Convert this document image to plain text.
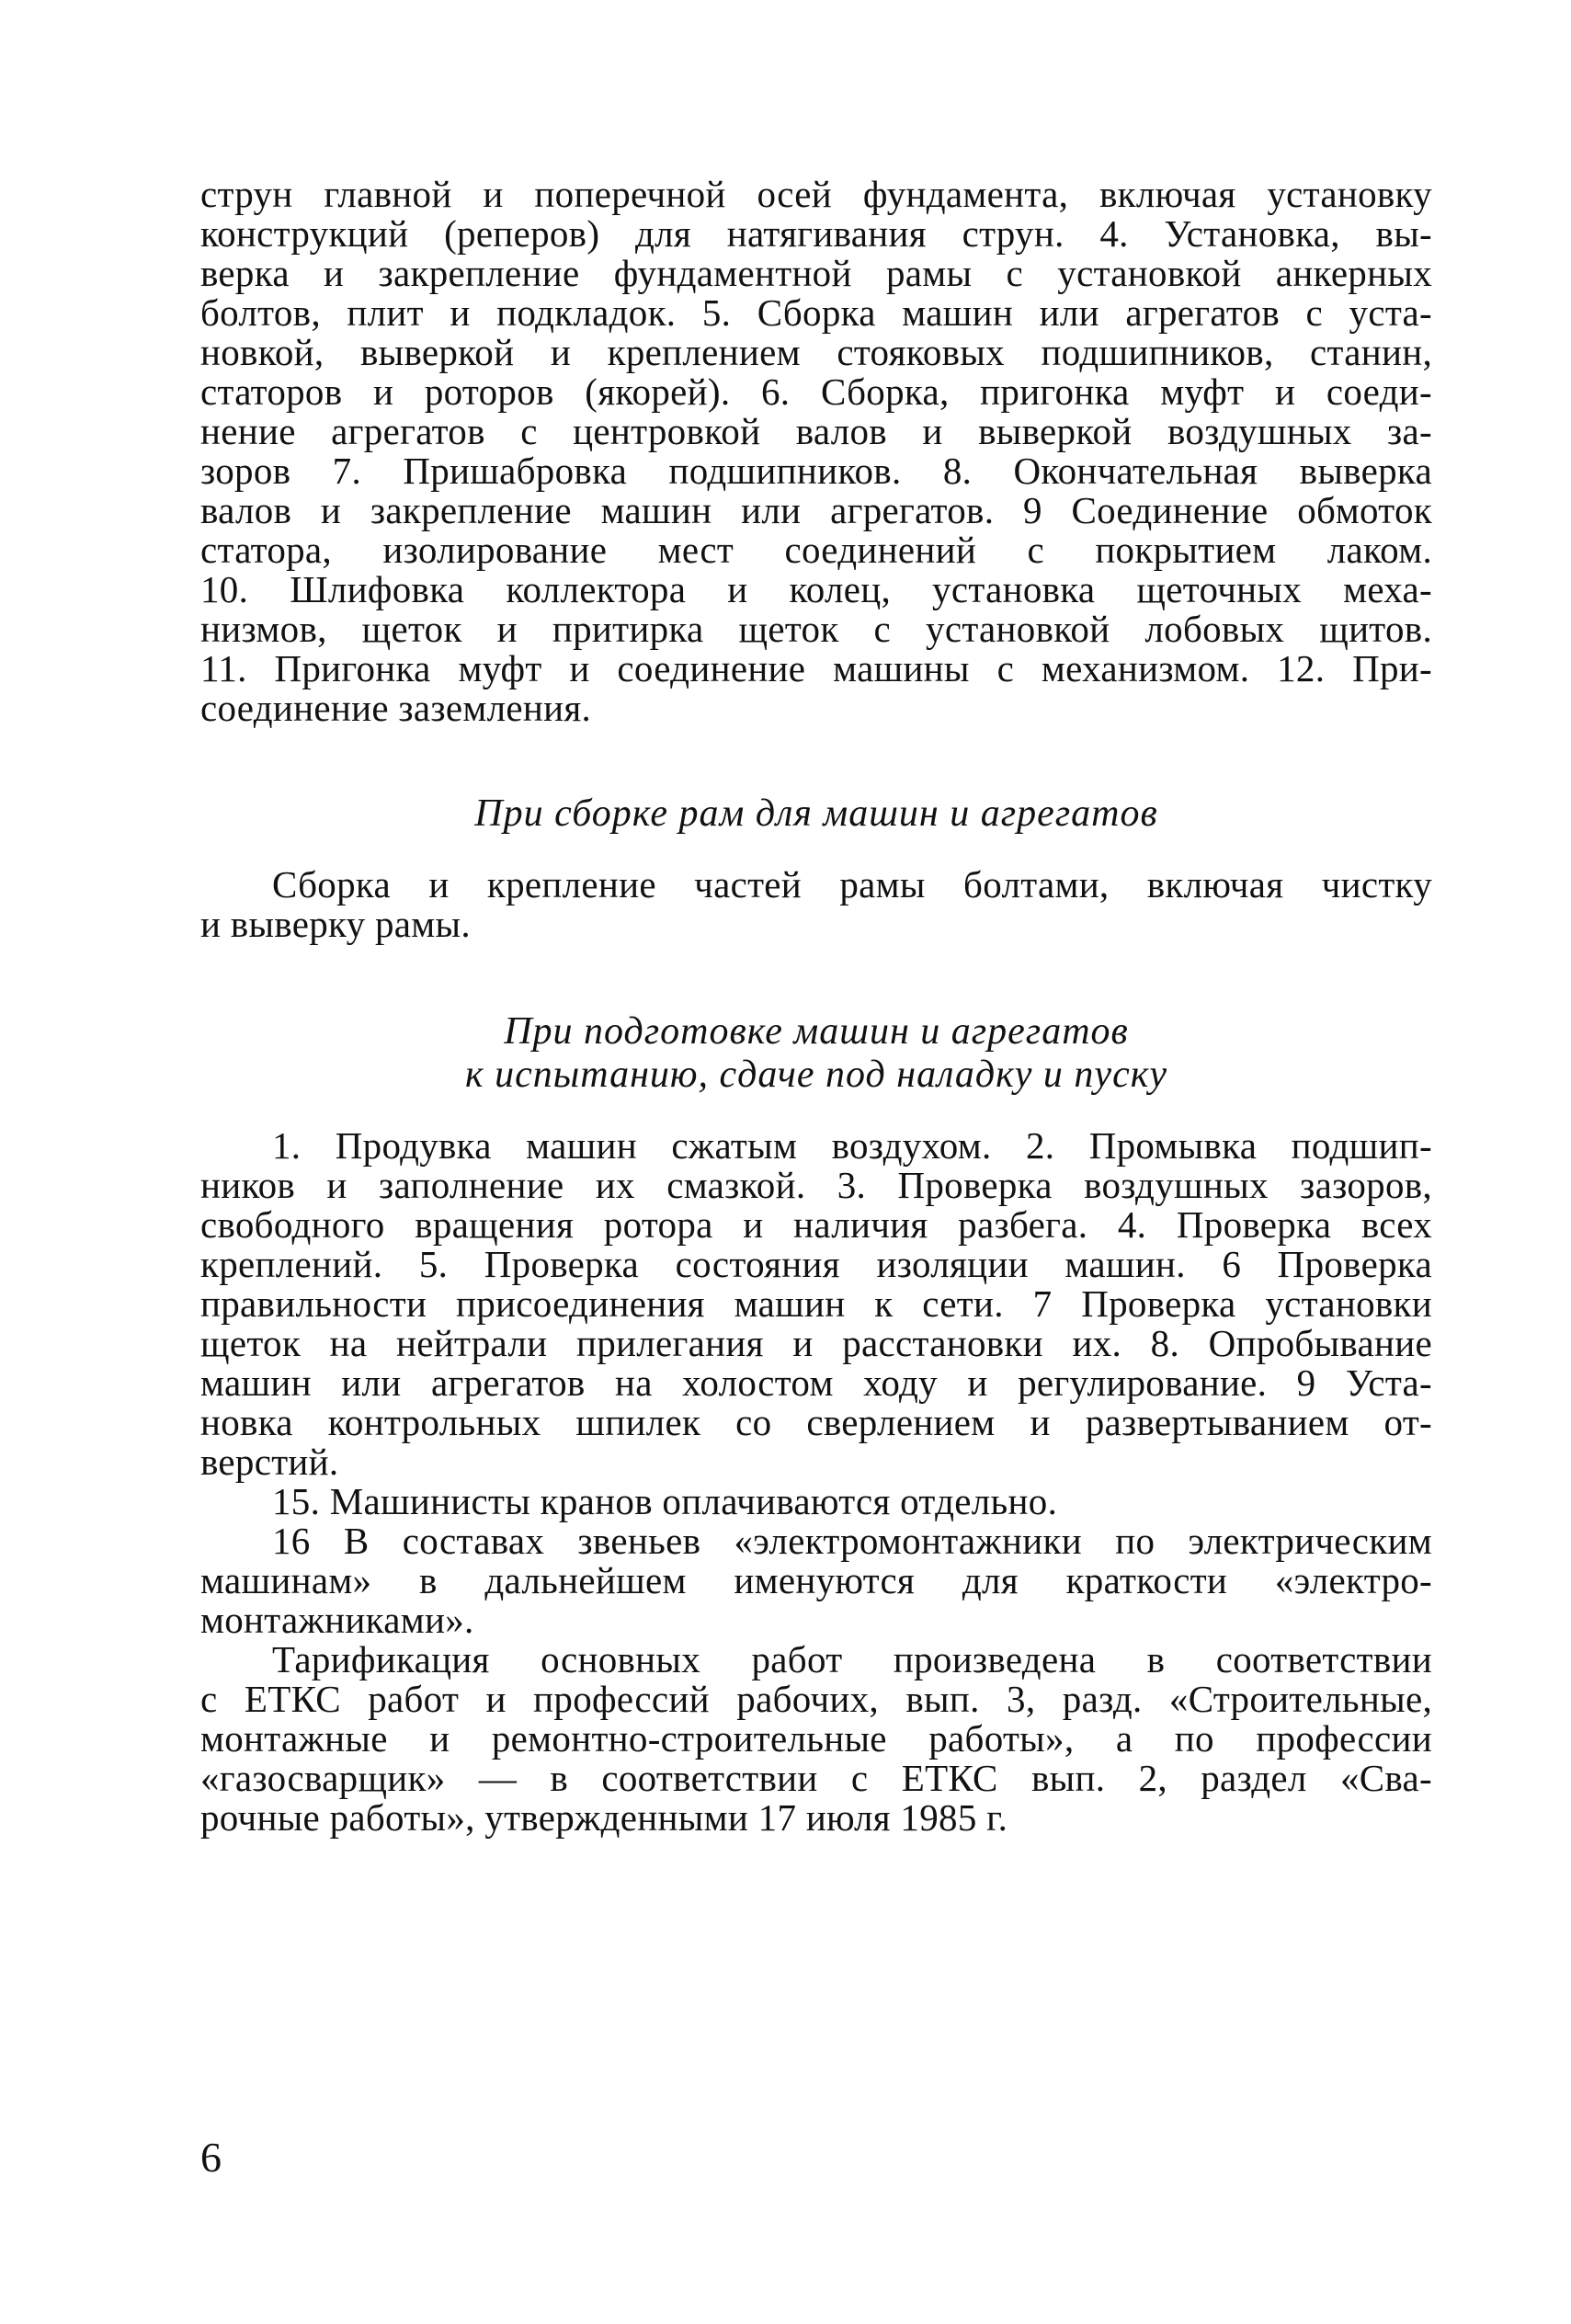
струн главной и поперечной осей фундамента, включая установку
конструкций (реперов) для натягивания струн. 4. Установка, вы-
верка и закрепление фундаментной рамы с установкой анкерных
болтов, плит и подкладок. 5. Сборка машин или агрегатов с уста-
новкой, выверкой и креплением стояковых подшипников, станин,
статоров и роторов (якорей). 6. Сборка, пригонка муфт и соеди-
нение агрегатов с центровкой валов и выверкой воздушных за-
зоров 7. Пришабровка подшипников. 8. Окончательная выверка
валов и закрепление машин или агрегатов. 9 Соединение обмоток
статора, изолирование мест соединений с покрытием лаком.
10. Шлифовка коллектора и колец, установка щеточных меха-
низмов, щеток и притирка щеток с установкой лобовых щитов.
11. Пригонка муфт и соединение машины с механизмом. 12. При-
соединение заземления.
При сборке рам для машин и агрегатов
Сборка и крепление частей рамы болтами, включая чистку
и выверку рамы.
При подготовке машин и агрегатов
к испытанию, сдаче под наладку и пуску
1. Продувка машин сжатым воздухом. 2. Промывка подшип-
ников и заполнение их смазкой. 3. Проверка воздушных зазоров,
свободного вращения ротора и наличия разбега. 4. Проверка всех
креплений. 5. Проверка состояния изоляции машин. 6 Проверка
правильности присоединения машин к сети. 7 Проверка установки
щеток на нейтрали прилегания и расстановки их. 8. Опробывание
машин или агрегатов на холостом ходу и регулирование. 9 Уста-
новка контрольных шпилек со сверлением и развертыванием от-
верстий.
15. Машинисты кранов оплачиваются отдельно.
16 В составах звеньев «электромонтажники по электрическим
машинам» в дальнейшем именуются для краткости «электро-
монтажниками».
Тарификация основных работ произведена в соответствии
с ЕТКС работ и профессий рабочих, вып. 3, разд. «Строительные,
монтажные и ремонтно-строительные работы», а по профессии
«газосварщик» — в соответствии с ЕТКС вып. 2, раздел «Сва-
рочные работы», утвержденными 17 июля 1985 г.
6
